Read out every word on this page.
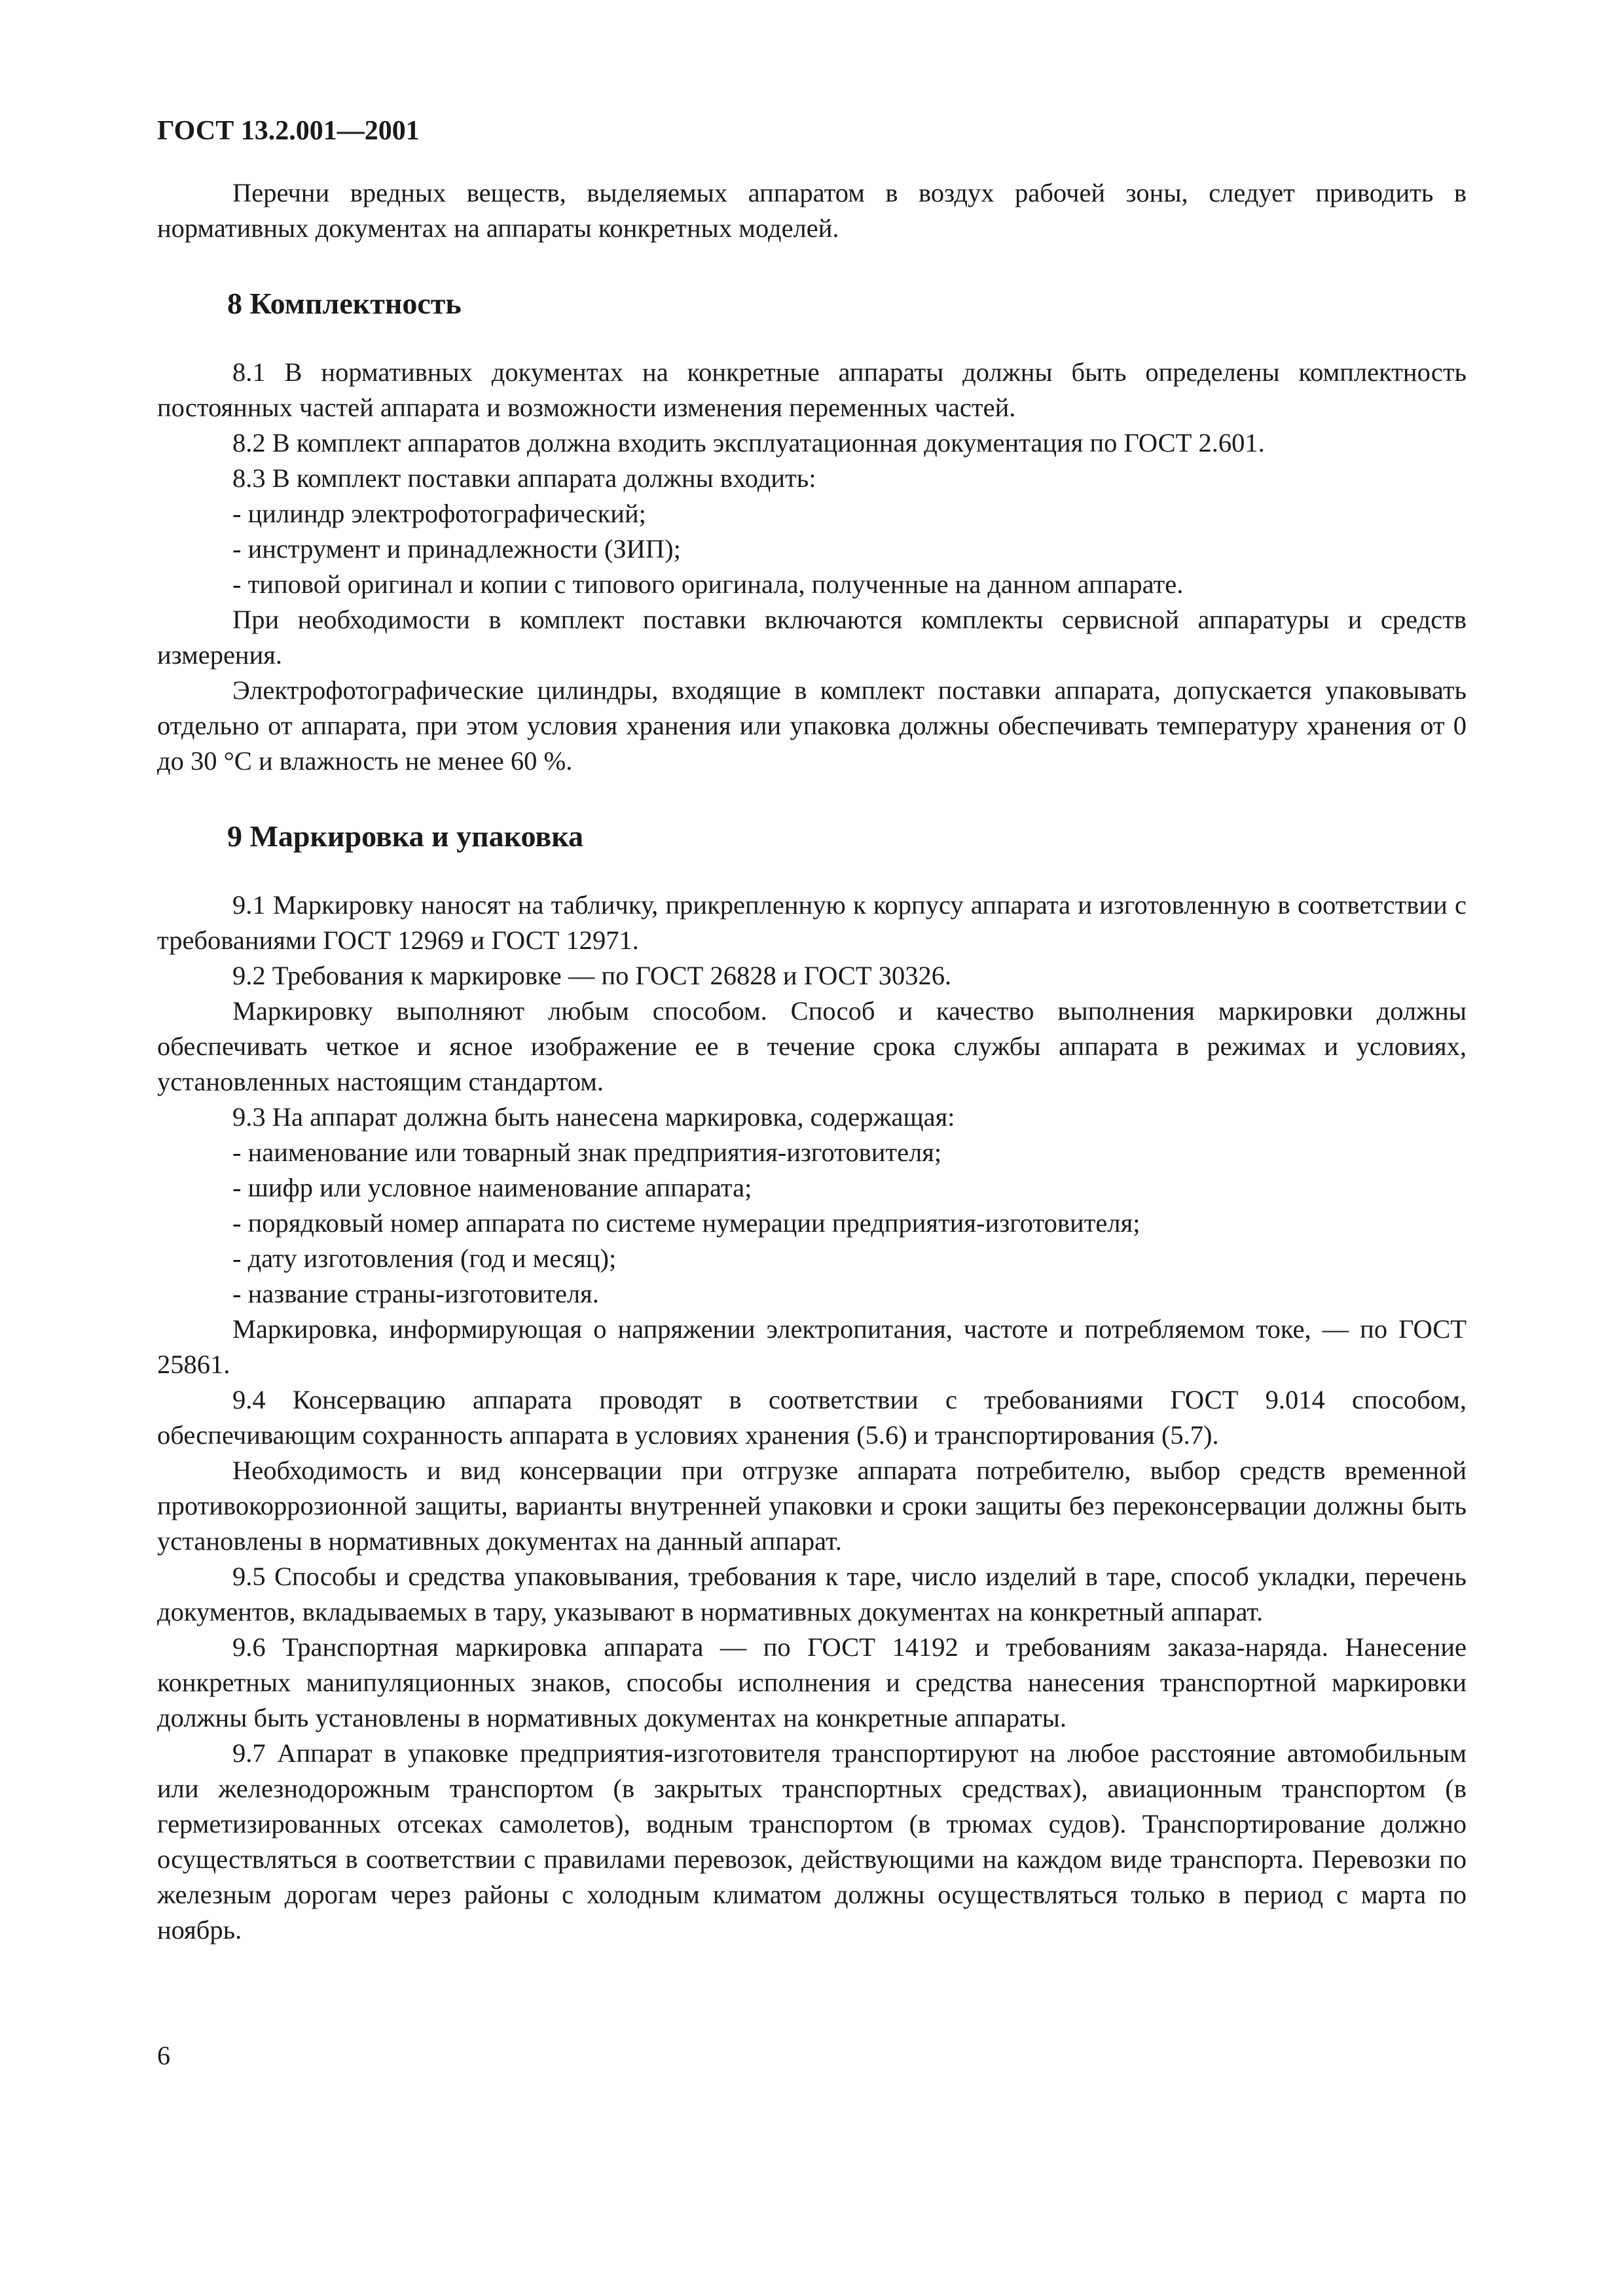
ГОСТ 13.2.001—2001

Перечни вредных веществ, выделяемых аппаратом в воздух рабочей зоны, следует приводить в нормативных документах на аппараты конкретных моделей.

8 Комплектность

8.1 В нормативных документах на конкретные аппараты должны быть определены комплектность постоянных частей аппарата и возможности изменения переменных частей.

8.2 В комплект аппаратов должна входить эксплуатационная документация по ГОСТ 2.601.

8.3 В комплект поставки аппарата должны входить:

- цилиндр электрофотографический;

- инструмент и принадлежности (ЗИП);

- типовой оригинал и копии с типового оригинала, полученные на данном аппарате.

При необходимости в комплект поставки включаются комплекты сервисной аппаратуры и средств измерения.

Электрофотографические цилиндры, входящие в комплект поставки аппарата, допускается упаковывать отдельно от аппарата, при этом условия хранения или упаковка должны обеспечивать температуру хранения от 0 до 30 °С и влажность не менее 60 %.

9 Маркировка и упаковка

9.1 Маркировку наносят на табличку, прикрепленную к корпусу аппарата и изготовленную в соответствии с требованиями ГОСТ 12969 и ГОСТ 12971.

9.2 Требования к маркировке — по ГОСТ 26828 и ГОСТ 30326.

Маркировку выполняют любым способом. Способ и качество выполнения маркировки должны обеспечивать четкое и ясное изображение ее в течение срока службы аппарата в режимах и условиях, установленных настоящим стандартом.

9.3 На аппарат должна быть нанесена маркировка, содержащая:

- наименование или товарный знак предприятия-изготовителя;

- шифр или условное наименование аппарата;

- порядковый номер аппарата по системе нумерации предприятия-изготовителя;

- дату изготовления (год и месяц);

- название страны-изготовителя.

Маркировка, информирующая о напряжении электропитания, частоте и потребляемом токе, — по ГОСТ 25861.

9.4 Консервацию аппарата проводят в соответствии с требованиями ГОСТ 9.014 способом, обеспечивающим сохранность аппарата в условиях хранения (5.6) и транспортирования (5.7).

Необходимость и вид консервации при отгрузке аппарата потребителю, выбор средств временной противокоррозионной защиты, варианты внутренней упаковки и сроки защиты без переконсервации должны быть установлены в нормативных документах на данный аппарат.

9.5 Способы и средства упаковывания, требования к таре, число изделий в таре, способ укладки, перечень документов, вкладываемых в тару, указывают в нормативных документах на конкретный аппарат.

9.6 Транспортная маркировка аппарата — по ГОСТ 14192 и требованиям заказа-наряда. Нанесение конкретных манипуляционных знаков, способы исполнения и средства нанесения транспортной маркировки должны быть установлены в нормативных документах на конкретные аппараты.

9.7 Аппарат в упаковке предприятия-изготовителя транспортируют на любое расстояние автомобильным или железнодорожным транспортом (в закрытых транспортных средствах), авиационным транспортом (в герметизированных отсеках самолетов), водным транспортом (в трюмах судов). Транспортирование должно осуществляться в соответствии с правилами перевозок, действующими на каждом виде транспорта. Перевозки по железным дорогам через районы с холодным климатом должны осуществляться только в период с марта по ноябрь.

6
